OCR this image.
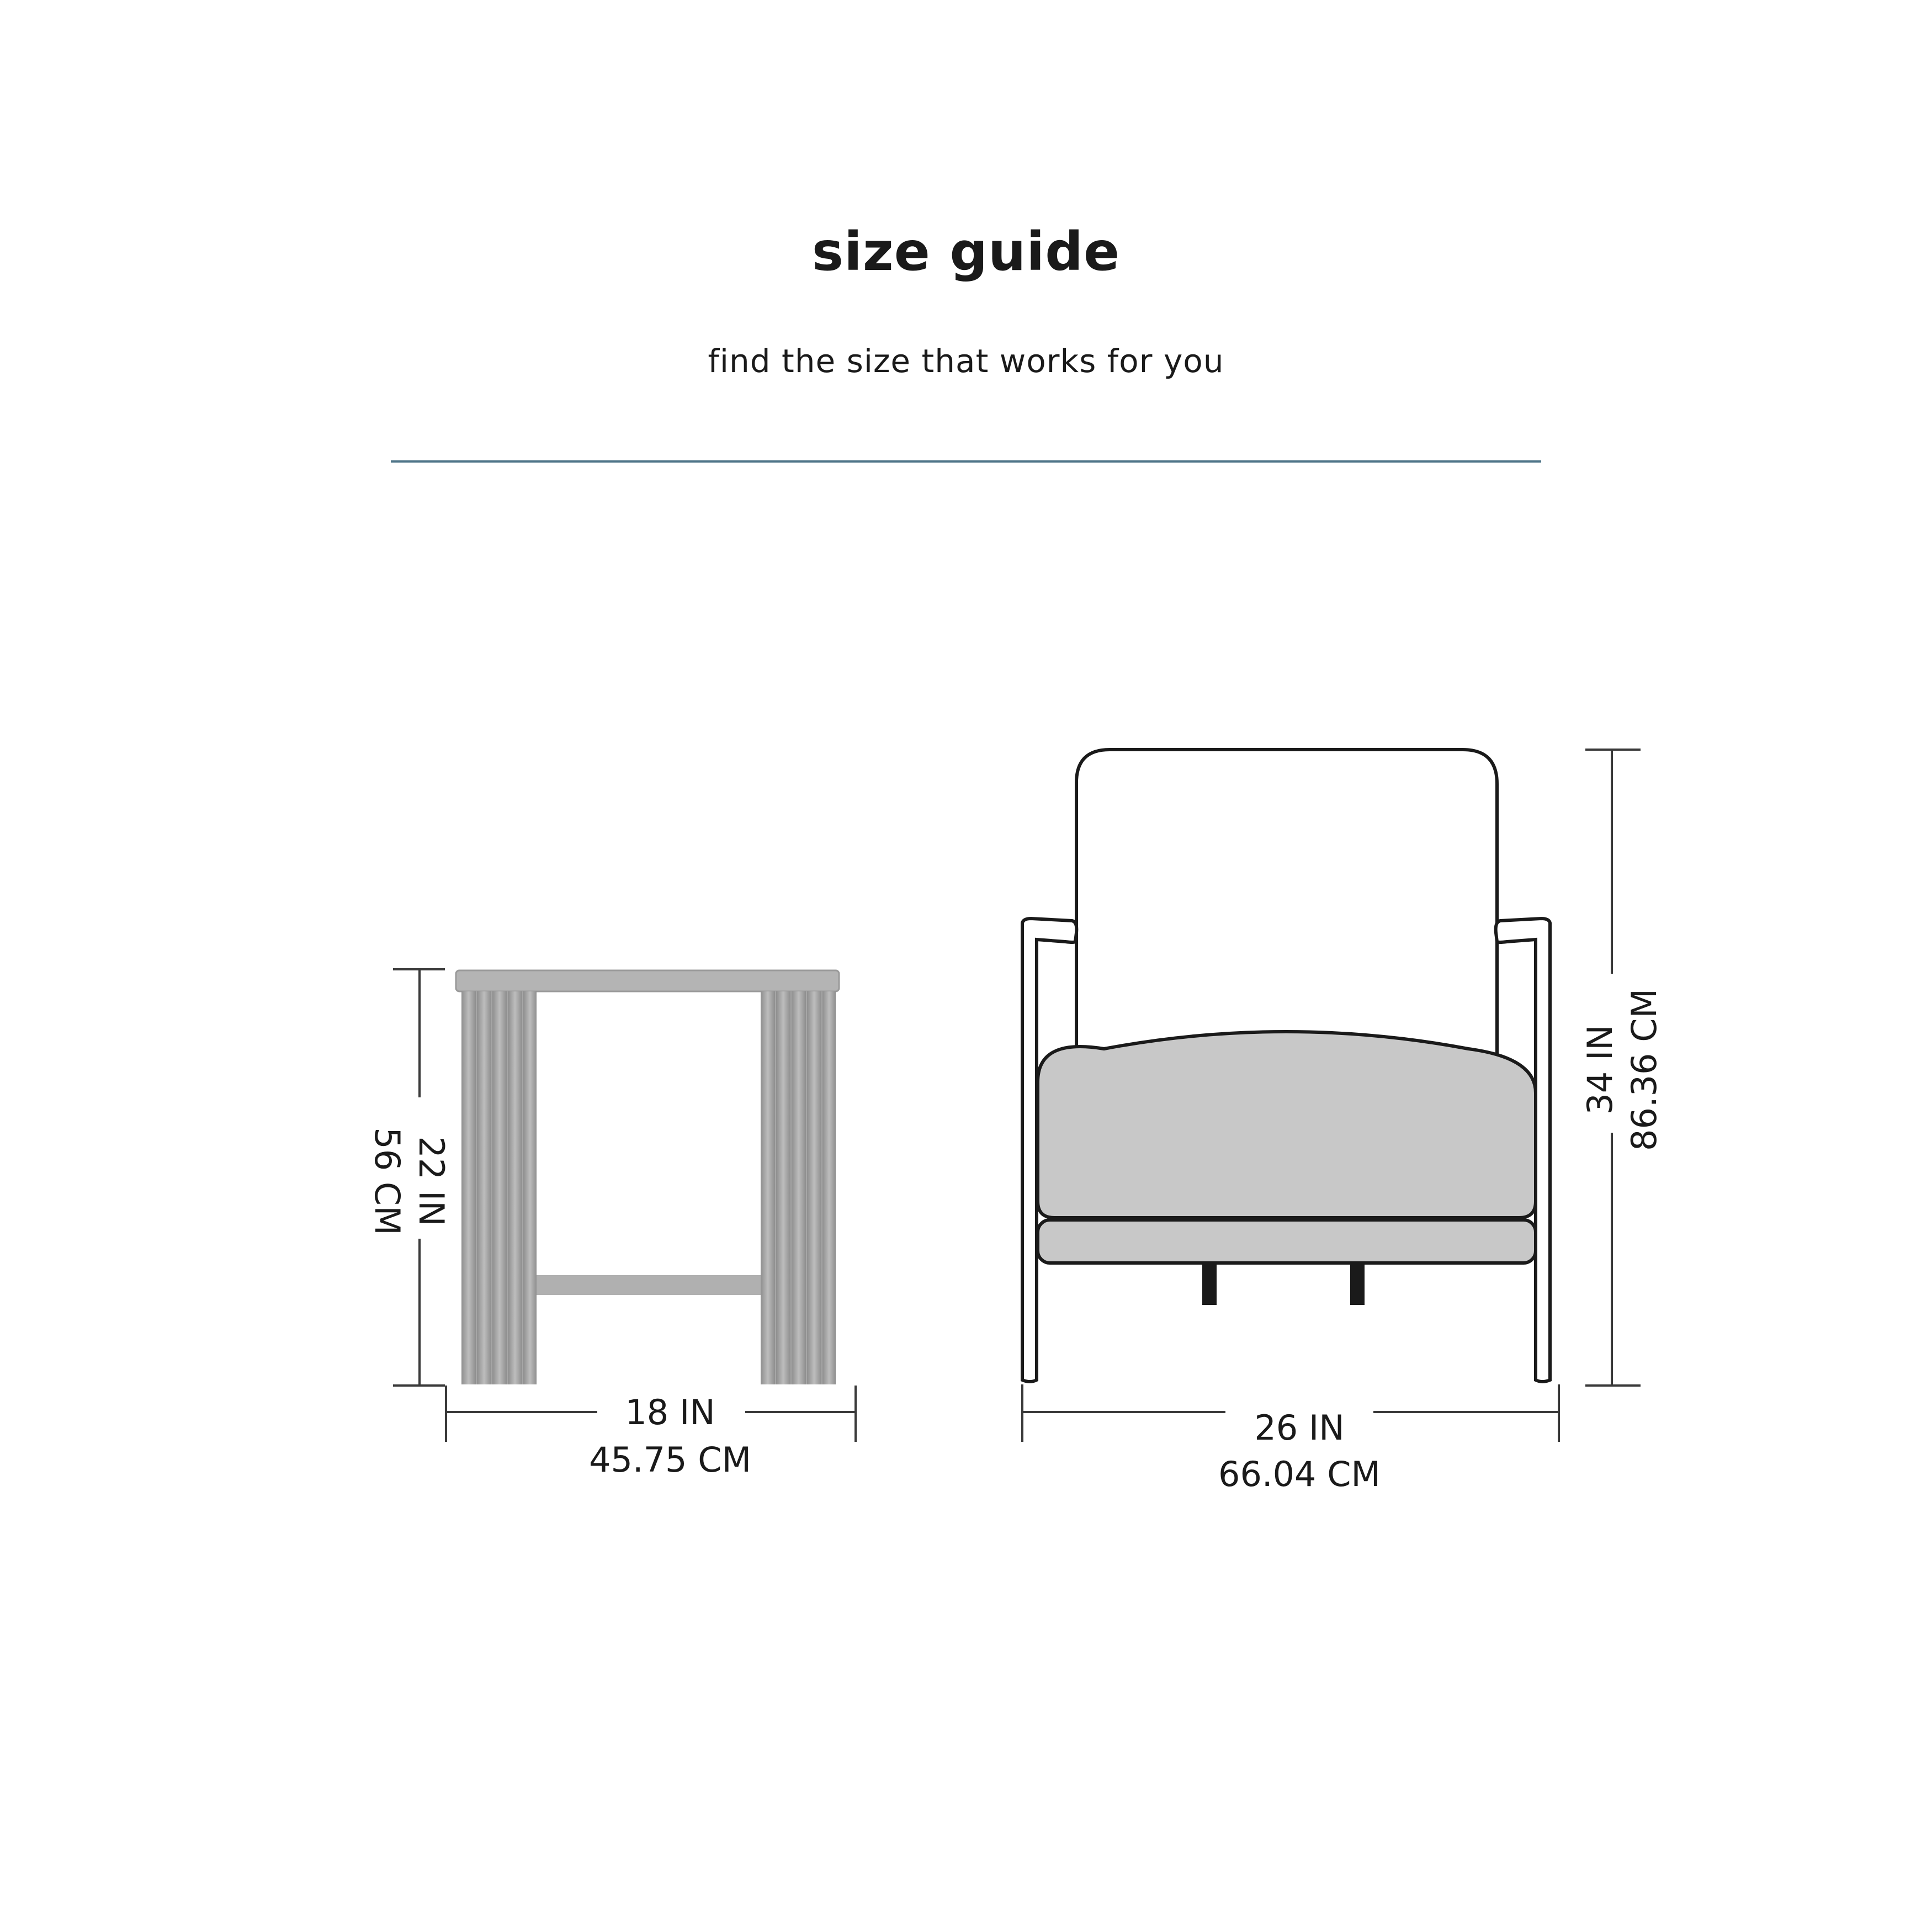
size guide
find the size that works for you
22 IN
56 CM
18 IN
45.75 CM
34 IN 86.36 CM
26 IN
66.04 CM
